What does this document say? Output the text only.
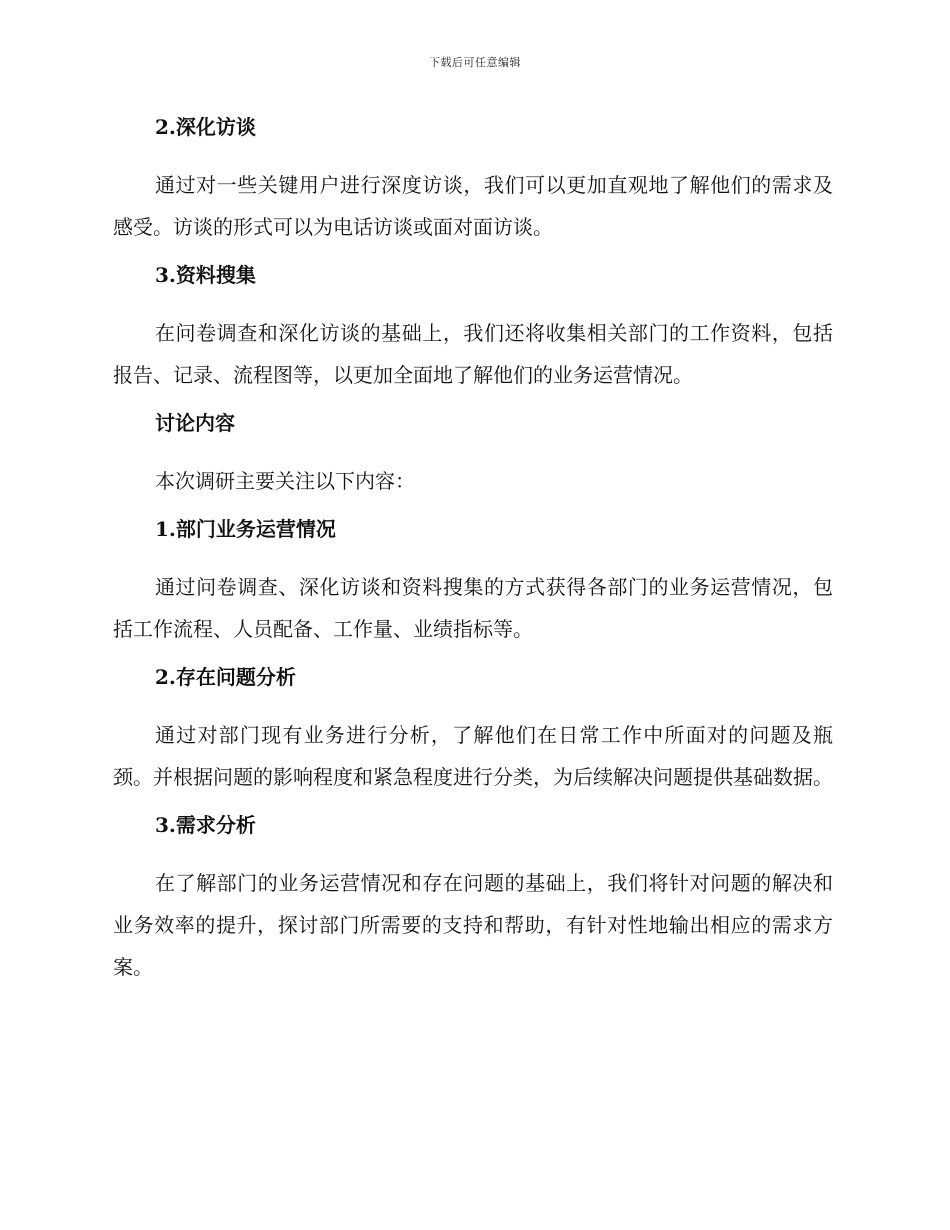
下载后可任意编辑
2.深化访谈

通过对一些关键用户进行深度访谈，我们可以更加直观地了解他们的需求及感受。访谈的形式可以为电话访谈或面对面访谈。

3.资料搜集

在问卷调查和深化访谈的基础上，我们还将收集相关部门的工作资料，包括报告、记录、流程图等，以更加全面地了解他们的业务运营情况。

讨论内容

本次调研主要关注以下内容：

1.部门业务运营情况

通过问卷调查、深化访谈和资料搜集的方式获得各部门的业务运营情况，包括工作流程、人员配备、工作量、业绩指标等。

2.存在问题分析

通过对部门现有业务进行分析，了解他们在日常工作中所面对的问题及瓶颈。并根据问题的影响程度和紧急程度进行分类，为后续解决问题提供基础数据。

3.需求分析

在了解部门的业务运营情况和存在问题的基础上，我们将针对问题的解决和业务效率的提升，探讨部门所需要的支持和帮助，有针对性地输出相应的需求方案。
